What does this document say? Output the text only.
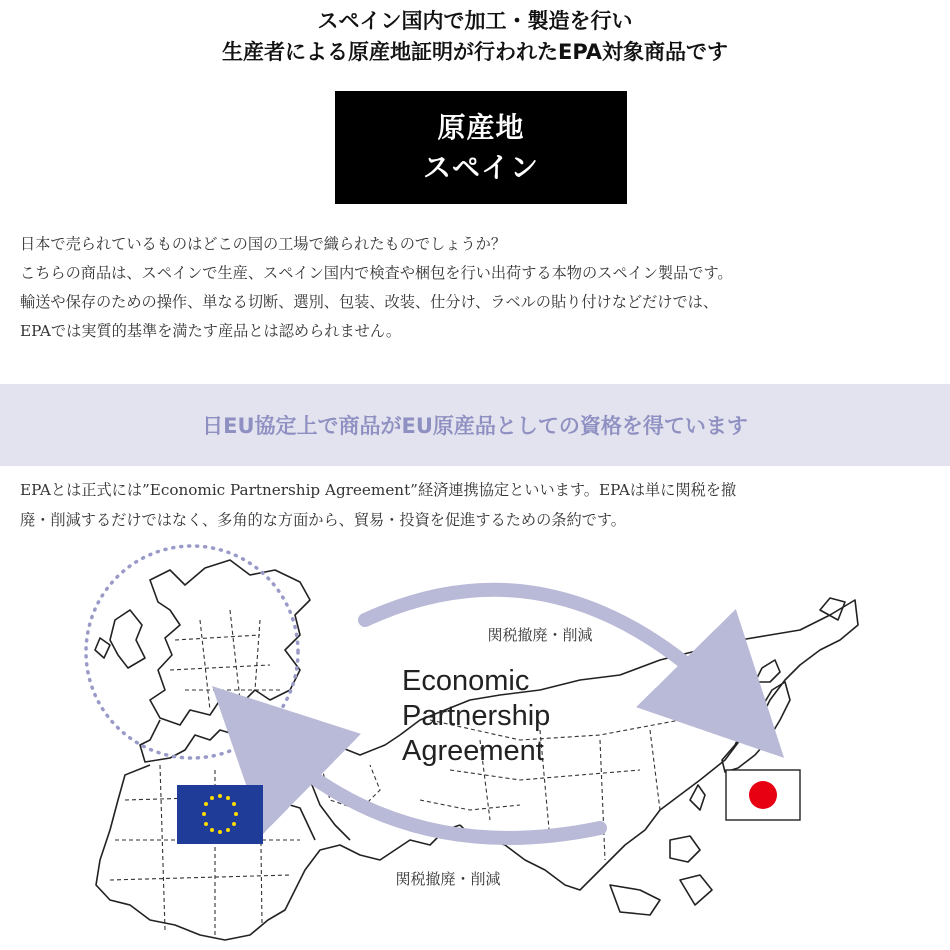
スペイン国内で加工・製造を行い
生産者による原産地証明が行われたEPA対象商品です
原産地
スペイン

日本で売られているものはどこの国の工場で織られたものでしょうか？

こちらの商品は、スペインで生産、スペイン国内で検査や梱包を行い出荷する本物のスペイン製品です。

輸送や保存のための操作、単なる切断、選別、包装、改装、仕分け、ラベルの貼り付けなどだけでは、

EPAでは実質的基準を満たす産品とは認められません。

日EU協定上で商品がEU原産品としての資格を得ています

EPAとは正式には”Economic Partnership Agreement”経済連携協定といいます。EPAは単に関税を撤

廃・削減するだけではなく、多角的な方面から、貿易・投資を促進するための条約です。

関税撤廃・削減
関税撤廃・削減
Economic
Partnership
Agreement
